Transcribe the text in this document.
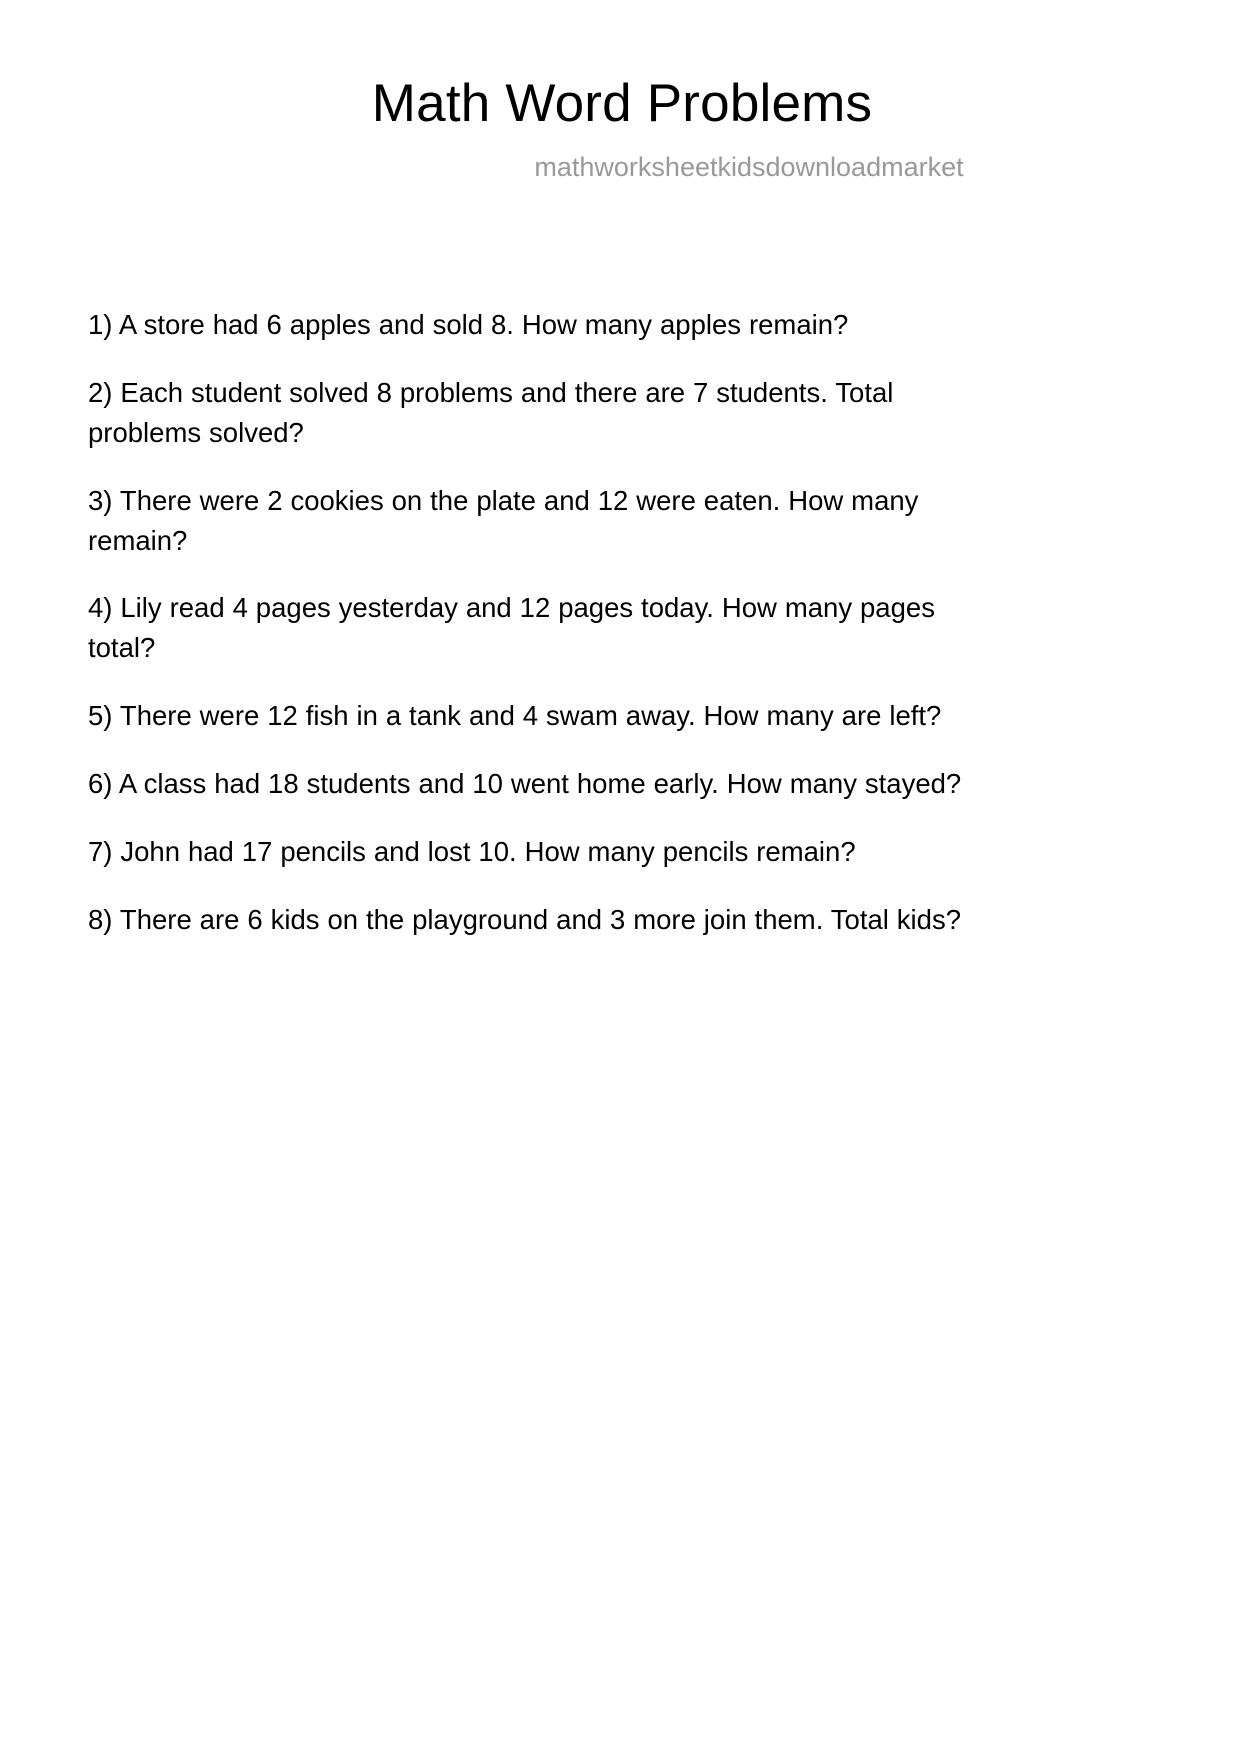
Math Word Problems
mathworksheetkidsdownloadmarket
1) A store had 6 apples and sold 8. How many apples remain?
2) Each student solved 8 problems and there are 7 students. Total problems solved?
3) There were 2 cookies on the plate and 12 were eaten. How many remain?
4) Lily read 4 pages yesterday and 12 pages today. How many pages total?
5) There were 12 fish in a tank and 4 swam away. How many are left?
6) A class had 18 students and 10 went home early. How many stayed?
7) John had 17 pencils and lost 10. How many pencils remain?
8) There are 6 kids on the playground and 3 more join them. Total kids?
